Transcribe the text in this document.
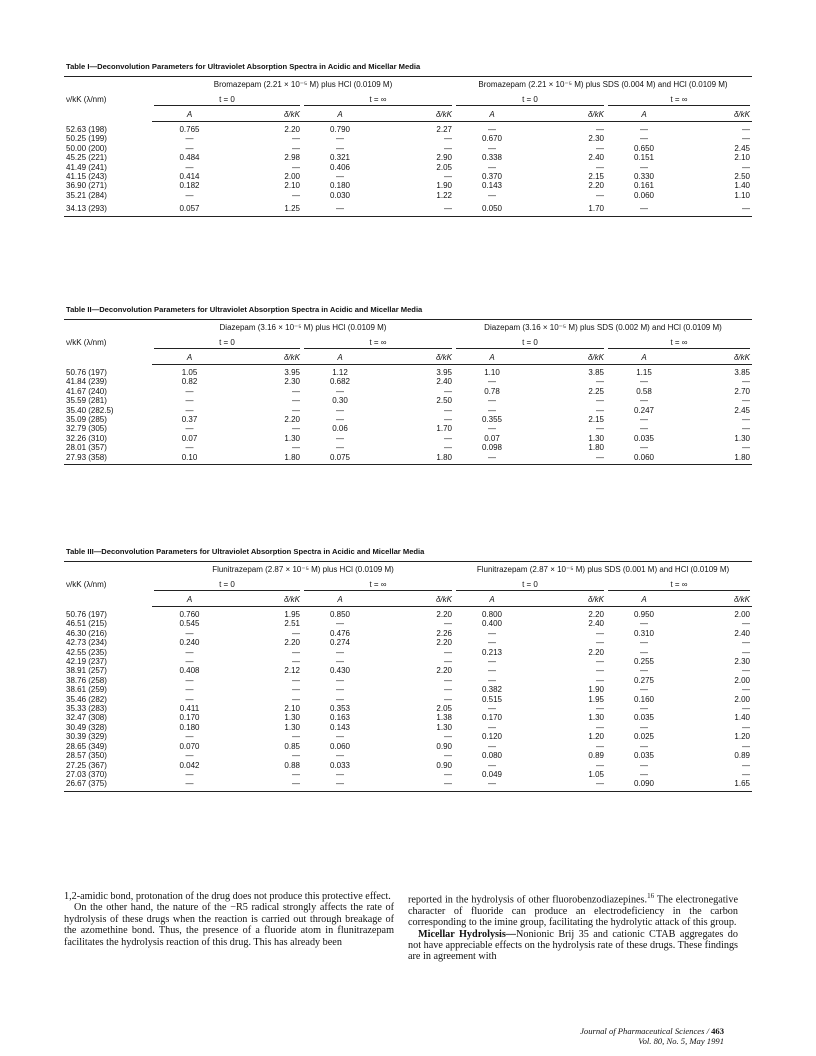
Table I—Deconvolution Parameters for Ultraviolet Absorption Spectra in Acidic and Micellar Media
ν/kK (λ/nm)	Bromazepam (2.21 × 10⁻⁵ M) plus HCl (0.0109 M)				Bromazepam (2.21 × 10⁻⁵ M) plus SDS (0.004 M) and HCl (0.0109 M)			
	t = 0		t = ∞		t = 0		t = ∞	
	A	δ/kK	A	δ/kK	A	δ/kK	A	δ/kK
52.63 (198)	0.765	2.20	0.790	2.27	—	—	—	—
50.25 (199)	—	—	—	—	0.670	2.30	—	—
50.00 (200)	—	—	—	—	—	—	0.650	2.45
45.25 (221)	0.484	2.98	0.321	2.90	0.338	2.40	0.151	2.10
41.49 (241)	—	—	0.406	2.05	—	—	—	—
41.15 (243)	0.414	2.00	—	—	0.370	2.15	0.330	2.50
36.90 (271)	0.182	2.10	0.180	1.90	0.143	2.20	0.161	1.40
35.21 (284)	—	—	0.030	1.22	—	—	0.060	1.10
34.13 (293)	0.057	1.25	—	—	0.050	1.70	—	—
Table II—Deconvolution Parameters for Ultraviolet Absorption Spectra in Acidic and Micellar Media
ν/kK (λ/nm)	Diazepam (3.16 × 10⁻⁵ M) plus HCl (0.0109 M)				Diazepam (3.16 × 10⁻⁵ M) plus SDS (0.002 M) and HCl (0.0109 M)			
	t = 0		t = ∞		t = 0		t = ∞	
	A	δ/kK	A	δ/kK	A	δ/kK	A	δ/kK
50.76 (197)	1.05	3.95	1.12	3.95	1.10	3.85	1.15	3.85
41.84 (239)	0.82	2.30	0.682	2.40	—	—	—	—
41.67 (240)	—	—	—	—	0.78	2.25	0.58	2.70
35.59 (281)	—	—	0.30	2.50	—	—	—	—
35.40 (282.5)	—	—	—	—	—	—	0.247	2.45
35.09 (285)	0.37	2.20	—	—	0.355	2.15	—	—
32.79 (305)	—	—	0.06	1.70	—	—	—	—
32.26 (310)	0.07	1.30	—	—	0.07	1.30	0.035	1.30
28.01 (357)	—	—	—	—	0.098	1.80	—	—
27.93 (358)	0.10	1.80	0.075	1.80	—	—	0.060	1.80
Table III—Deconvolution Parameters for Ultraviolet Absorption Spectra in Acidic and Micellar Media
ν/kK (λ/nm)	Flunitrazepam (2.87 × 10⁻⁵ M) plus HCl (0.0109 M)				Flunitrazepam (2.87 × 10⁻⁵ M) plus SDS (0.001 M) and HCl (0.0109 M)			
	t = 0		t = ∞		t = 0		t = ∞	
	A	δ/kK	A	δ/kK	A	δ/kK	A	δ/kK
50.76 (197)	0.760	1.95	0.850	2.20	0.800	2.20	0.950	2.00
46.51 (215)	0.545	2.51	—	—	0.400	2.40	—	—
46.30 (216)	—	—	0.476	2.26	—	—	0.310	2.40
42.73 (234)	0.240	2.20	0.274	2.20	—	—	—	—
42.55 (235)	—	—	—	—	0.213	2.20	—	—
42.19 (237)	—	—	—	—	—	—	0.255	2.30
38.91 (257)	0.408	2.12	0.430	2.20	—	—	—	—
38.76 (258)	—	—	—	—	—	—	0.275	2.00
38.61 (259)	—	—	—	—	0.382	1.90	—	—
35.46 (282)	—	—	—	—	0.515	1.95	0.160	2.00
35.33 (283)	0.411	2.10	0.353	2.05	—	—	—	—
32.47 (308)	0.170	1.30	0.163	1.38	0.170	1.30	0.035	1.40
30.49 (328)	0.180	1.30	0.143	1.30	—	—	—	—
30.39 (329)	—	—	—	—	0.120	1.20	0.025	1.20
28.65 (349)	0.070	0.85	0.060	0.90	—	—	—	—
28.57 (350)	—	—	—	—	0.080	0.89	0.035	0.89
27.25 (367)	0.042	0.88	0.033	0.90	—	—	—	—
27.03 (370)	—	—	—	—	0.049	1.05	—	—
26.67 (375)	—	—	—	—	—	—	0.090	1.65

1,2-amidic bond, protonation of the drug does not produce this protective effect.

On the other hand, the nature of the −R5 radical strongly affects the rate of hydrolysis of these drugs when the reaction is carried out through breakage of the azomethine bond. Thus, the presence of a fluoride atom in flunitrazepam facilitates the hydrolysis reaction of this drug. This has already been

reported in the hydrolysis of other fluorobenzodiazepines.$^{16}$ The electronegative character of fluoride can produce an electrodeficiency in the carbon corresponding to the imine group, facilitating the hydrolytic attack of this group.

Micellar Hydrolysis—Nonionic Brij 35 and cationic CTAB aggregates do not have appreciable effects on the hydrolysis rate of these drugs. These findings are in agreement with

Journal of Pharmaceutical Sciences / 463
Vol. 80, No. 5, May 1991
